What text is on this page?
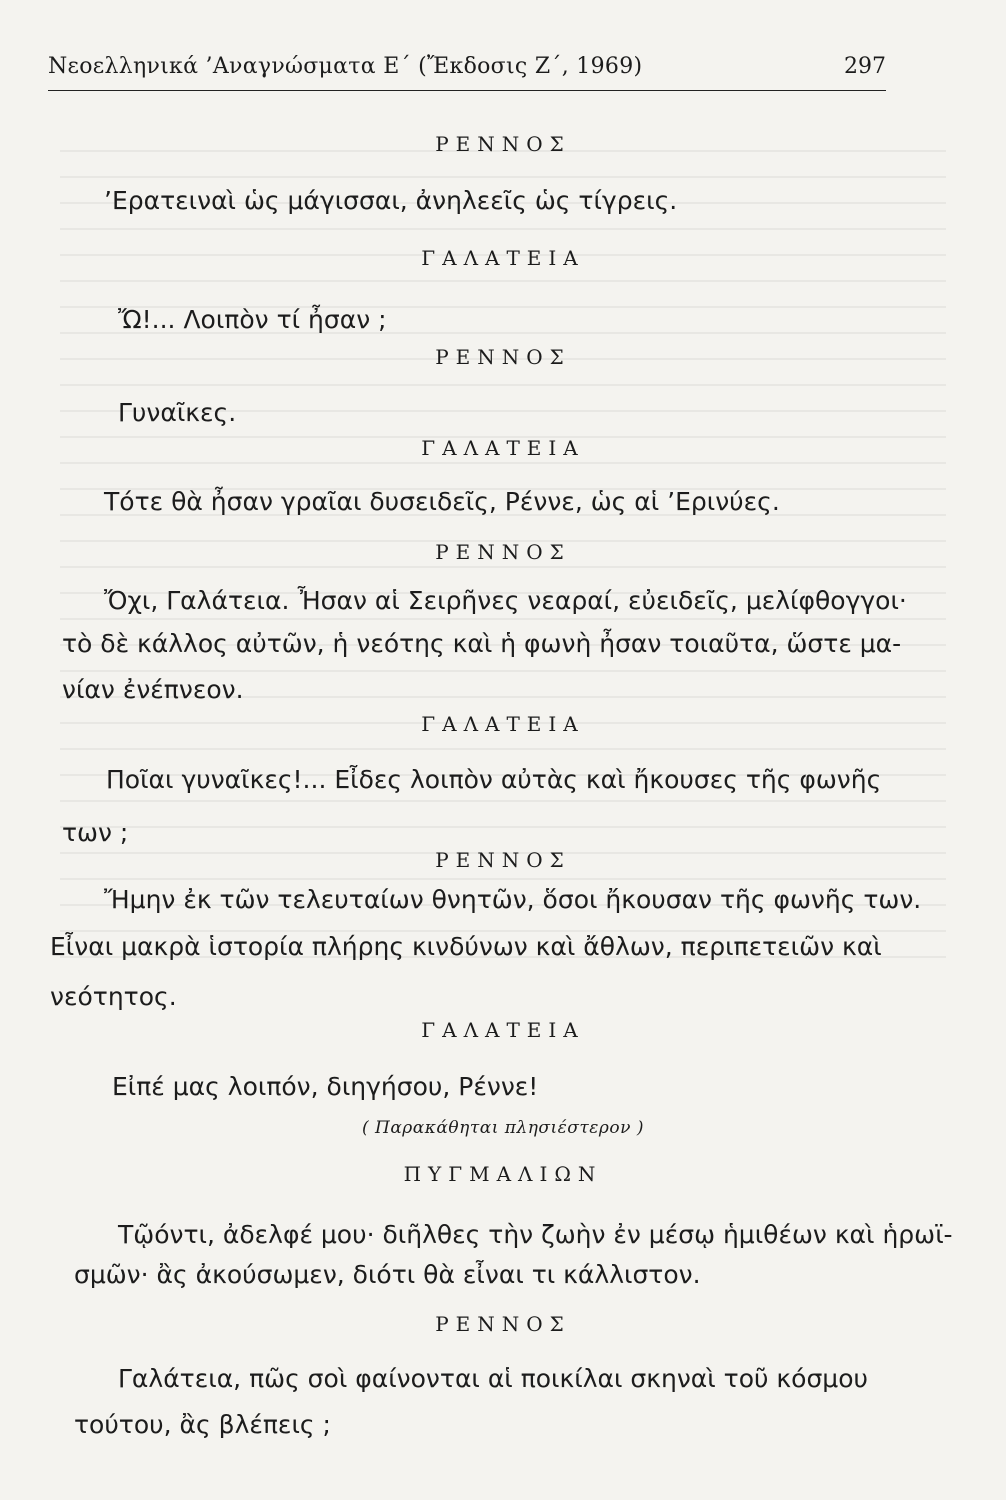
Νεοελληνικά ’Αναγνώσματα Ε΄ (Ἔκδοσις Ζ΄, 1969)	297
ΡΕΝΝΟΣ
’Ερατειναὶ ὡς μάγισσαι, ἀνηλεεῖς ὡς τίγρεις.
ΓΑΛΑΤΕΙΑ
Ὤ!... Λοιπὸν τί ἦσαν ;
ΡΕΝΝΟΣ
Γυναῖκες.
ΓΑΛΑΤΕΙΑ
Τότε θὰ ἦσαν γραῖαι δυσειδεῖς, Ρέννε, ὡς αἱ ’Ερινύες.
ΡΕΝΝΟΣ
Ὄχι, Γαλάτεια. Ἦσαν αἱ Σειρῆνες νεαραί, εὐειδεῖς, μελίφθογγοι·
τὸ δὲ κάλλος αὐτῶν, ἡ νεότης καὶ ἡ φωνὴ ἦσαν τοιαῦτα, ὥστε μα-
νίαν ἐνέπνεον.
ΓΑΛΑΤΕΙΑ
Ποῖαι γυναῖκες!... Εἶδες λοιπὸν αὐτὰς καὶ ἤκουσες τῆς φωνῆς
των ;
ΡΕΝΝΟΣ
Ἤμην ἐκ τῶν τελευταίων θνητῶν, ὅσοι ἤκουσαν τῆς φωνῆς των.
Εἶναι μακρὰ ἱστορία πλήρης κινδύνων καὶ ἄθλων, περιπετειῶν καὶ
νεότητος.
ΓΑΛΑΤΕΙΑ
Εἰπέ μας λοιπόν, διηγήσου, Ρέννε!
( Παρακάθηται πλησιέστερον )
ΠΥΓΜΑΛΙΩΝ
Τῷόντι, ἀδελφέ μου· διῆλθες τὴν ζωὴν ἐν μέσῳ ἡμιθέων καὶ ἡρωϊ-
σμῶν· ἂς ἀκούσωμεν, διότι θὰ εἶναι τι κάλλιστον.
ΡΕΝΝΟΣ
Γαλάτεια, πῶς σοὶ φαίνονται αἱ ποικίλαι σκηναὶ τοῦ κόσμου
τούτου, ἂς βλέπεις ;
